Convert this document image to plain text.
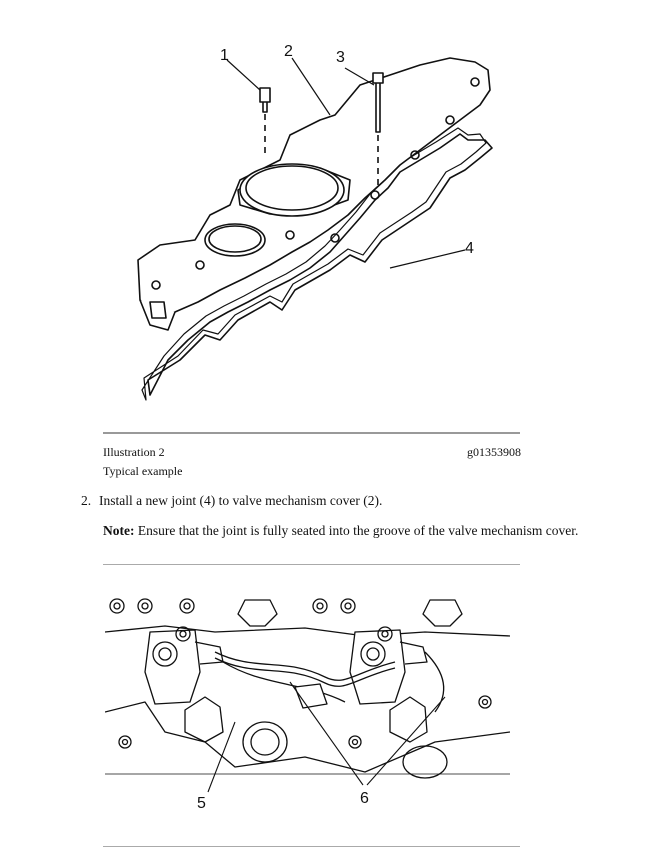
1	2	3
4
Illustration 2	g01353908
Typical example
2. Install a new joint (4) to valve mechanism cover (2).
Note: Ensure that the joint is fully seated into the groove of the valve mechanism cover.
5	6
